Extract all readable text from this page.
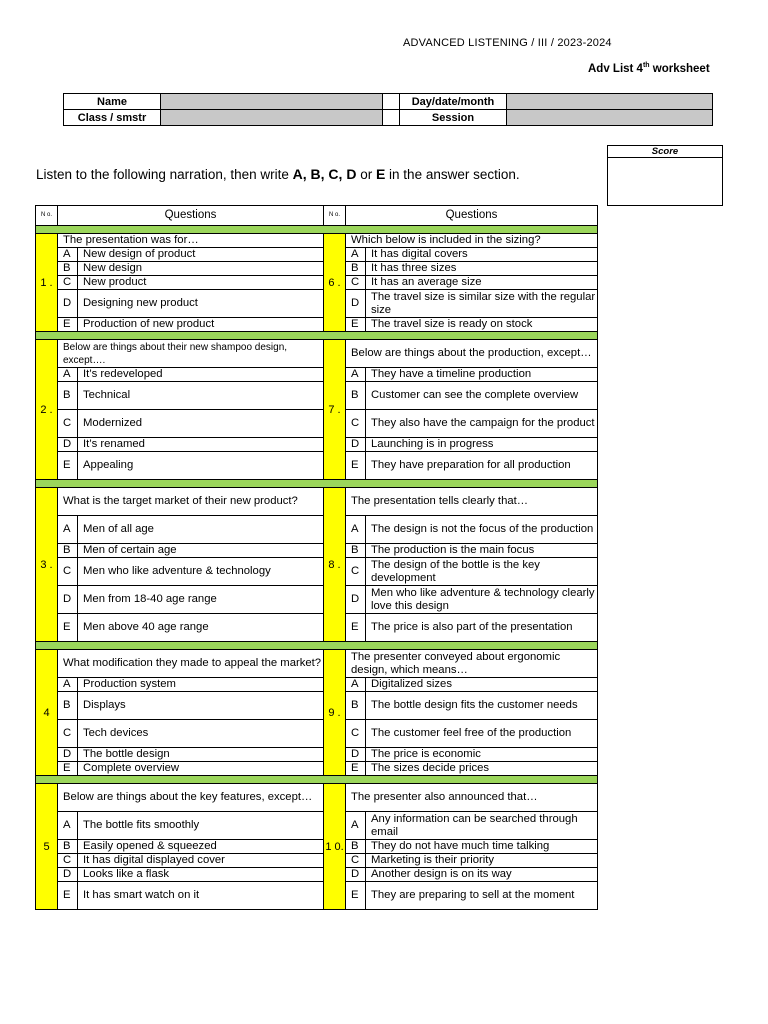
ADVANCED LISTENING / III / 2023-2024
Adv List 4th worksheet
Name			Day/date/month	
Class / smstr			Session	
Score
Listen to the following narration, then write A, B, C, D or E in the answer section.
N o.	Questions		N o.	Questions	

1 .	The presentation was for…		6 .	Which below is included in the sizing?	
	A	New design of product		A	It has digital covers
	B	New design		B	It has three sizes
	C	New product		C	It has an average size
	D	Designing new product		D	The travel size is similar size with the regular size
	E	Production of new product		E	The travel size is ready on stock

2 .	Below are things about their new shampoo design, except….		7 .	Below are things about the production, except…	
	A	It’s redeveloped		A	They have a timeline production
	B	Technical		B	Customer can see the complete overview
	C	Modernized		C	They also have the campaign for the product
	D	It’s renamed		D	Launching is in progress
	E	Appealing		E	They have preparation for all production

3 .	What is the target market of their new product?		8 .	The presentation tells clearly that…	
	A	Men of all age		A	The design is not the focus of the production
	B	Men of certain age		B	The production is the main focus
	C	Men who like adventure & technology		C	The design of the bottle is the key development
	D	Men from 18-40 age range		D	Men who like adventure & technology clearly love this design
	E	Men above 40 age range		E	The price is also part of the presentation

4	What modification they made to appeal the market?		9 .	The presenter conveyed about ergonomic design, which means…	
	A	Production system		A	Digitalized sizes
	B	Displays		B	The bottle design fits the customer needs
	C	Tech devices		C	The customer feel free of the production
	D	The bottle design		D	The price is economic
	E	Complete overview		E	The sizes decide prices

5	Below are things about the key features, except…		1 0.	The presenter also announced that…	
	A	The bottle fits smoothly		A	Any information can be searched through email
	B	Easily opened & squeezed		B	They do not have much time talking
	C	It has digital displayed cover		C	Marketing is their priority
	D	Looks like a flask		D	Another design is on its way
	E	It has smart watch on it		E	They are preparing to sell at the moment
